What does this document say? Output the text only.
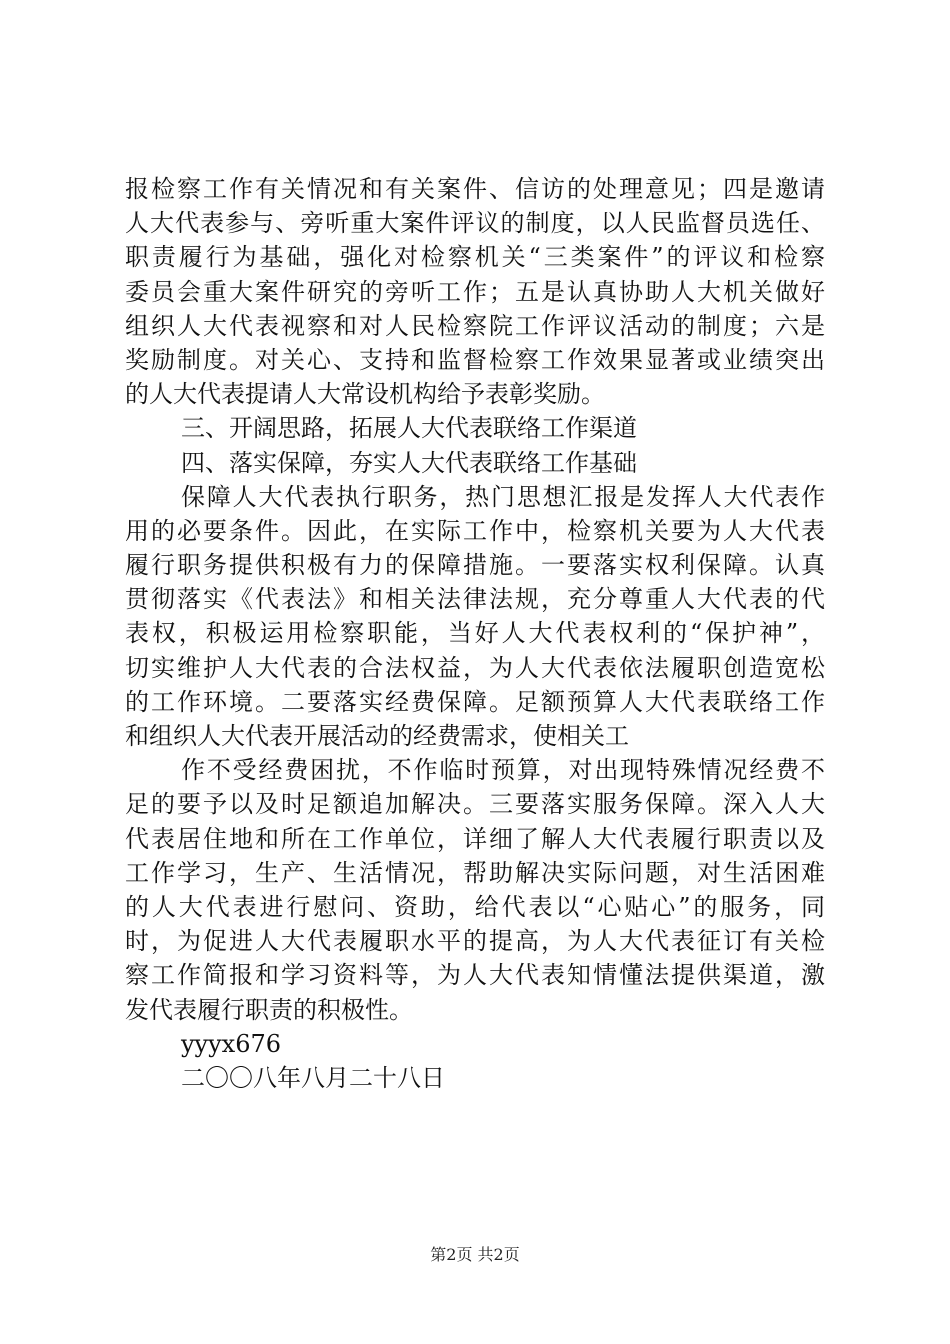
报检察工作有关情况和有关案件、信访的处理意见；四是邀请
人大代表参与、旁听重大案件评议的制度，以人民监督员选任、
职责履行为基础，强化对检察机关“三类案件”的评议和检察
委员会重大案件研究的旁听工作；五是认真协助人大机关做好
组织人大代表视察和对人民检察院工作评议活动的制度；六是
奖励制度。对关心、支持和监督检察工作效果显著或业绩突出
的人大代表提请人大常设机构给予表彰奖励。
三、开阔思路，拓展人大代表联络工作渠道
四、落实保障，夯实人大代表联络工作基础
保障人大代表执行职务，热门思想汇报是发挥人大代表作
用的必要条件。因此，在实际工作中，检察机关要为人大代表
履行职务提供积极有力的保障措施。一要落实权利保障。认真
贯彻落实《代表法》和相关法律法规，充分尊重人大代表的代
表权，积极运用检察职能，当好人大代表权利的“保护神”，
切实维护人大代表的合法权益，为人大代表依法履职创造宽松
的工作环境。二要落实经费保障。足额预算人大代表联络工作
和组织人大代表开展活动的经费需求，使相关工
作不受经费困扰，不作临时预算，对出现特殊情况经费不
足的要予以及时足额追加解决。三要落实服务保障。深入人大
代表居住地和所在工作单位，详细了解人大代表履行职责以及
工作学习，生产、生活情况，帮助解决实际问题，对生活困难
的人大代表进行慰问、资助，给代表以“心贴心”的服务，同
时，为促进人大代表履职水平的提高，为人大代表征订有关检
察工作简报和学习资料等，为人大代表知情懂法提供渠道，激
发代表履行职责的积极性。
yyyx676
二〇〇八年八月二十八日
第2页 共2页
